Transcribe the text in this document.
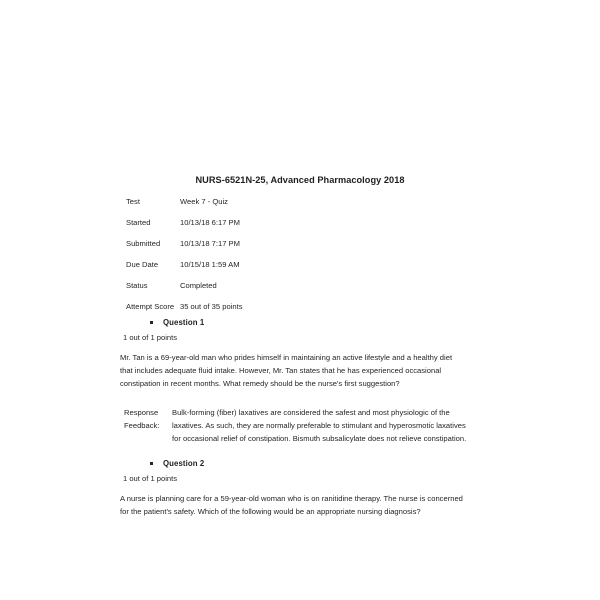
NURS-6521N-25, Advanced Pharmacology 2018
Test	Week 7 - Quiz
Started	10/13/18 6:17 PM
Submitted	10/13/18 7:17 PM
Due Date	10/15/18 1:59 AM
Status	Completed
Attempt Score 35 out of 35 points
Question 1
1 out of 1 points
Mr. Tan is a 69-year-old man who prides himself in maintaining an active lifestyle and a healthy diet that includes adequate fluid intake. However, Mr. Tan states that he has experienced occasional constipation in recent months. What remedy should be the nurse's first suggestion?
Response Feedback:
Bulk-forming (fiber) laxatives are considered the safest and most physiologic of the laxatives. As such, they are normally preferable to stimulant and hyperosmotic laxatives for occasional relief of constipation. Bismuth subsalicylate does not relieve constipation.
Question 2
1 out of 1 points
A nurse is planning care for a 59-year-old woman who is on ranitidine therapy. The nurse is concerned for the patient's safety. Which of the following would be an appropriate nursing diagnosis?
